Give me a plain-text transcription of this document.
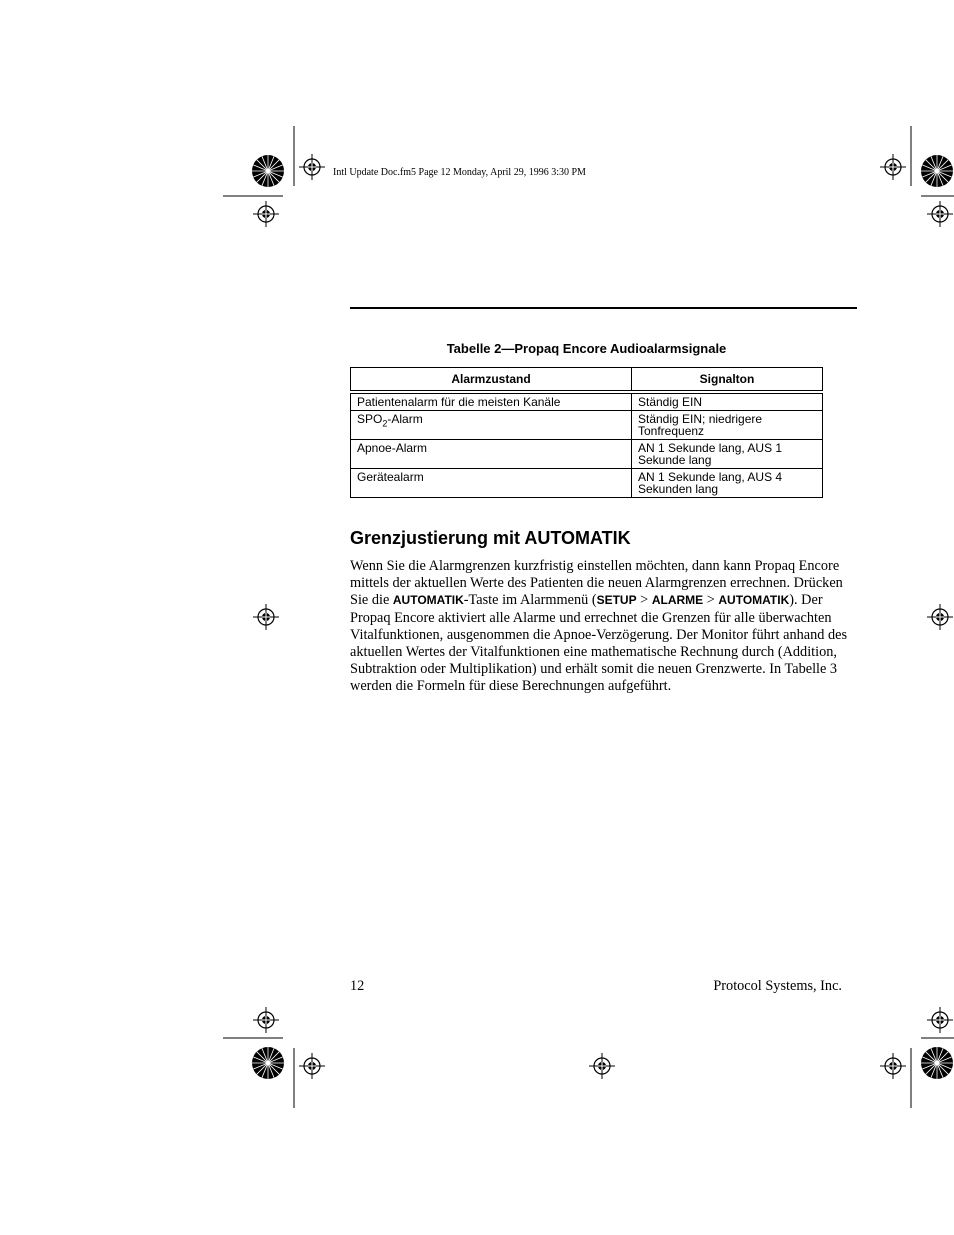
Intl Update Doc.fm5 Page 12 Monday, April 29, 1996 3:30 PM
Tabelle 2—Propaq Encore Audioalarmsignale
Alarmzustand	Signalton
Patientenalarm für die meisten Kanäle	Ständig EIN
$SPO_2$-Alarm	Ständig EIN; niedrigere Tonfrequenz
Apnoe-Alarm	AN 1 Sekunde lang, AUS 1 Sekunde lang
Gerätealarm	AN 1 Sekunde lang, AUS 4 Sekunden lang
Grenzjustierung mit AUTOMATIK
Wenn Sie die Alarmgrenzen kurzfristig einstellen möchten, dann kann Propaq Encore mittels der aktuellen Werte des Patienten die neuen Alarmgrenzen errechnen. Drücken Sie die AUTOMATIK-Taste im Alarmmenü (SETUP > ALARME > AUTOMATIK). Der Propaq Encore aktiviert alle Alarme und errechnet die Grenzen für alle überwachten Vitalfunktionen, ausgenommen die Apnoe-Verzögerung. Der Monitor führt anhand des aktuellen Wertes der Vitalfunktionen eine mathematische Rechnung durch (Addition, Subtraktion oder Multiplikation) und erhält somit die neuen Grenzwerte. In Tabelle 3 werden die Formeln für diese Berechnungen aufgeführt.
12	Protocol Systems, Inc.
